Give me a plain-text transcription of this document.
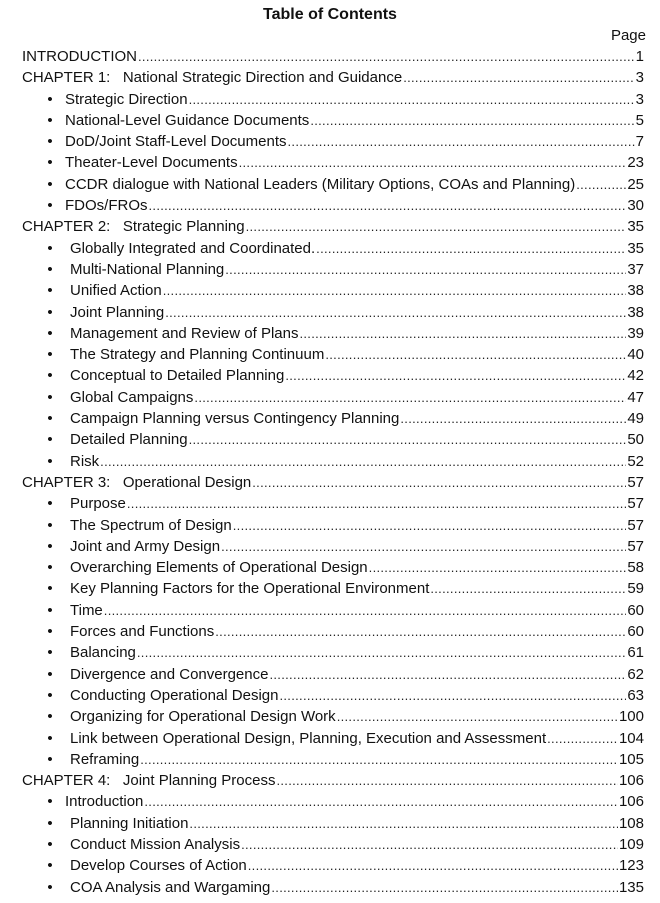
Table of Contents
Page
INTRODUCTION .....	1
CHAPTER 1:   National Strategic Direction and Guidance .....	3
• Strategic Direction .....	3
• National-Level Guidance Documents .....	5
• DoD/Joint Staff-Level Documents .....	7
• Theater-Level Documents .....	23
• CCDR dialogue with National Leaders (Military Options, COAs and Planning) .....	25
• FDOs/FROs .....	30
CHAPTER 2:   Strategic Planning .....	35
•	Globally Integrated and Coordinated. .....	35
•	Multi-National Planning .....	37
•	Unified Action .....	38
•	Joint Planning .....	38
•	Management and Review of Plans .....	39
•	The Strategy and Planning Continuum .....	40
•	Conceptual to Detailed Planning .....	42
•	Global Campaigns .....	47
•	Campaign Planning versus Contingency Planning .....	49
•	Detailed Planning .....	50
•	Risk .....	52
CHAPTER 3:   Operational Design .....	57
•	Purpose .....	57
•	The Spectrum of Design .....	57
•	Joint and Army Design .....	57
•	Overarching Elements of Operational Design .....	58
•	Key Planning Factors for the Operational Environment .....	59
•	Time .....	60
•	Forces and Functions .....	60
•	Balancing .....	61
•	Divergence and Convergence .....	62
•	Conducting Operational Design .....	63
•	Organizing for Operational Design Work .....	100
•	Link between Operational Design, Planning, Execution and Assessment .....	104
•	Reframing .....	105
CHAPTER 4:   Joint Planning Process .....	106
• Introduction .....	106
•	Planning Initiation .....	108
•	Conduct Mission Analysis .....	109
•	Develop Courses of Action .....	123
•	COA Analysis and Wargaming .....	135
